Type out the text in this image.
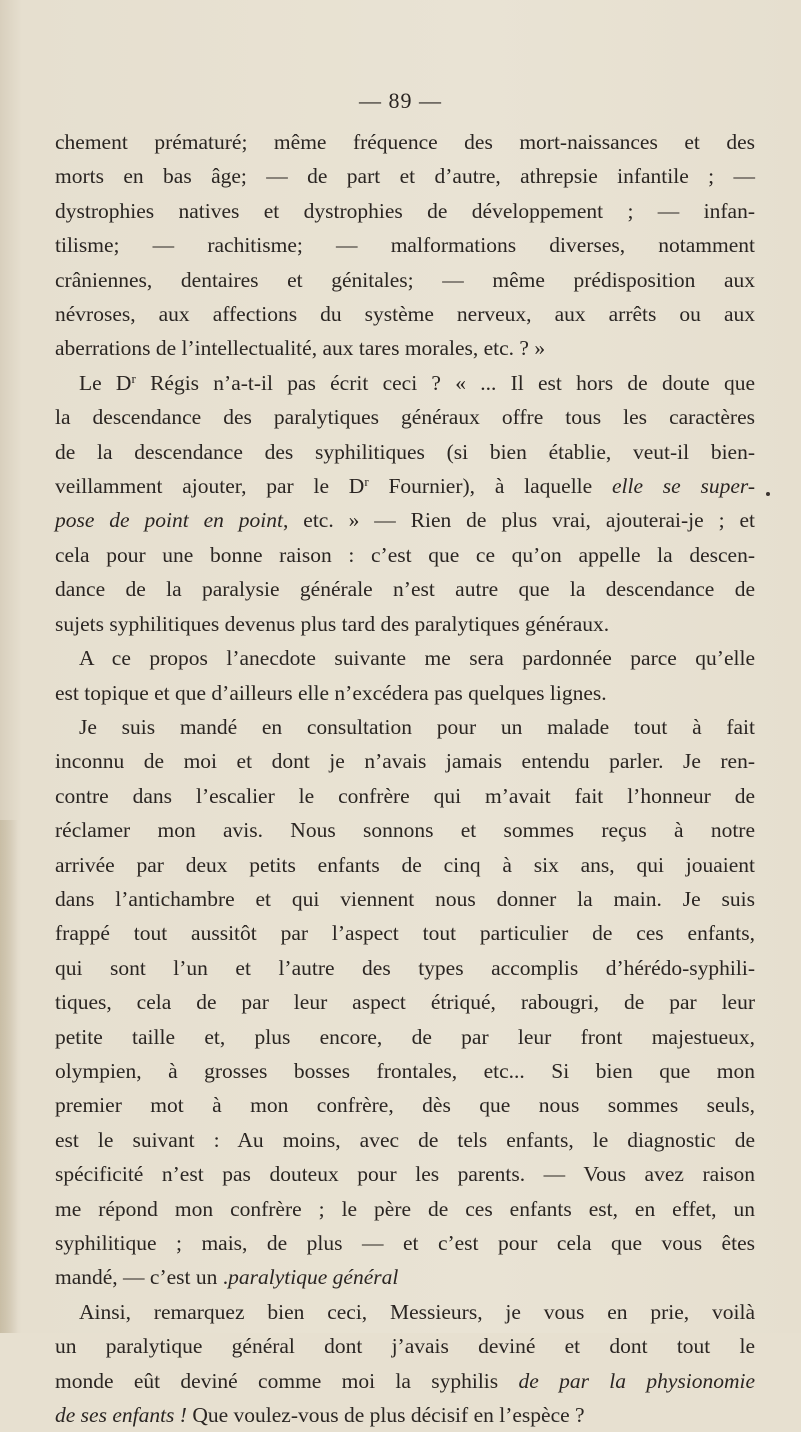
— 89 —
chement prématuré; même fréquence des mort-naissances et des
morts en bas âge; — de part et d’autre, athrepsie infantile ; —
dystrophies natives et dystrophies de développement ; — infan-
tilisme; — rachitisme; — malformations diverses, notamment
crâniennes, dentaires et génitales; — même prédisposition aux
névroses, aux affections du système nerveux, aux arrêts ou aux
aberrations de l’intellectualité, aux tares morales, etc. ? »
Le $D^r$ Régis n’a-t-il pas écrit ceci ? « ... Il est hors de doute que
la descendance des paralytiques généraux offre tous les caractères
de la descendance des syphilitiques (si bien établie, veut-il bien-
veillamment ajouter, par le $D^r$ Fournier), à laquelle elle se super-
pose de point en point, etc. » — Rien de plus vrai, ajouterai-je ; et
cela pour une bonne raison : c’est que ce qu’on appelle la descen-
dance de la paralysie générale n’est autre que la descendance de
sujets syphilitiques devenus plus tard des paralytiques généraux.
A ce propos l’anecdote suivante me sera pardonnée parce qu’elle
est topique et que d’ailleurs elle n’excédera pas quelques lignes.
Je suis mandé en consultation pour un malade tout à fait
inconnu de moi et dont je n’avais jamais entendu parler. Je ren-
contre dans l’escalier le confrère qui m’avait fait l’honneur de
réclamer mon avis. Nous sonnons et sommes reçus à notre
arrivée par deux petits enfants de cinq à six ans, qui jouaient
dans l’antichambre et qui viennent nous donner la main. Je suis
frappé tout aussitôt par l’aspect tout particulier de ces enfants,
qui sont l’un et l’autre des types accomplis d’hérédo-syphili-
tiques, cela de par leur aspect étriqué, rabougri, de par leur
petite taille et, plus encore, de par leur front majestueux,
olympien, à grosses bosses frontales, etc... Si bien que mon
premier mot à mon confrère, dès que nous sommes seuls,
est le suivant : Au moins, avec de tels enfants, le diagnostic de
spécificité n’est pas douteux pour les parents. — Vous avez raison
me répond mon confrère ; le père de ces enfants est, en effet, un
syphilitique ; mais, de plus — et c’est pour cela que vous êtes
mandé, — c’est un .paralytique général
Ainsi, remarquez bien ceci, Messieurs, je vous en prie, voilà
un paralytique général dont j’avais deviné et dont tout le
monde eût deviné comme moi la syphilis de par la physionomie
de ses enfants ! Que voulez-vous de plus décisif en l’espèce ?
